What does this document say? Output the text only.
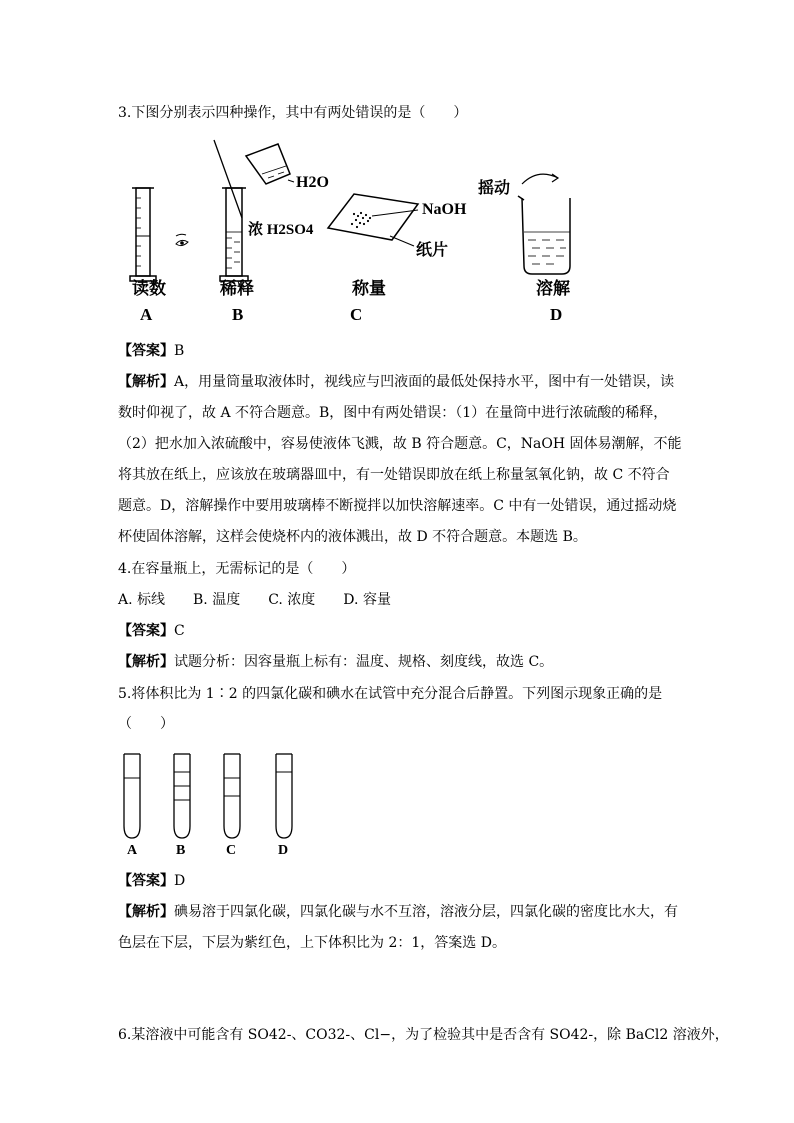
3.下图分别表示四种操作，其中有两处错误的是（　　）
H2O
浓 H2SO4
NaOH
纸片
摇动
读数	稀释	称量	溶解
A	B	C	D
【答案】B
【解析】A，用量筒量取液体时，视线应与凹液面的最低处保持水平，图中有一处错误，读
数时仰视了，故 A 不符合题意。B，图中有两处错误：（1）在量筒中进行浓硫酸的稀释，
（2）把水加入浓硫酸中，容易使液体飞溅，故 B 符合题意。C，NaOH 固体易潮解，不能
将其放在纸上，应该放在玻璃器皿中，有一处错误即放在纸上称量氢氧化钠，故 C 不符合
题意。D，溶解操作中要用玻璃棒不断搅拌以加快溶解速率。C 中有一处错误，通过摇动烧
杯使固体溶解，这样会使烧杯内的液体溅出，故 D 不符合题意。本题选 B。
4.在容量瓶上，无需标记的是（　　）
A. 标线　　B. 温度　　C. 浓度　　D. 容量
【答案】C
【解析】试题分析：因容量瓶上标有：温度、规格、刻度线，故选 C。
5.将体积比为 1∶2 的四氯化碳和碘水在试管中充分混合后静置。下列图示现象正确的是
（　　）
A	B	C	D
【答案】D
【解析】碘易溶于四氯化碳，四氯化碳与水不互溶，溶液分层，四氯化碳的密度比水大，有
色层在下层，下层为紫红色，上下体积比为 2：1，答案选 D。
6.某溶液中可能含有 SO42-、CO32-、Cl−，为了检验其中是否含有 SO42-，除 BaCl2 溶液外，
